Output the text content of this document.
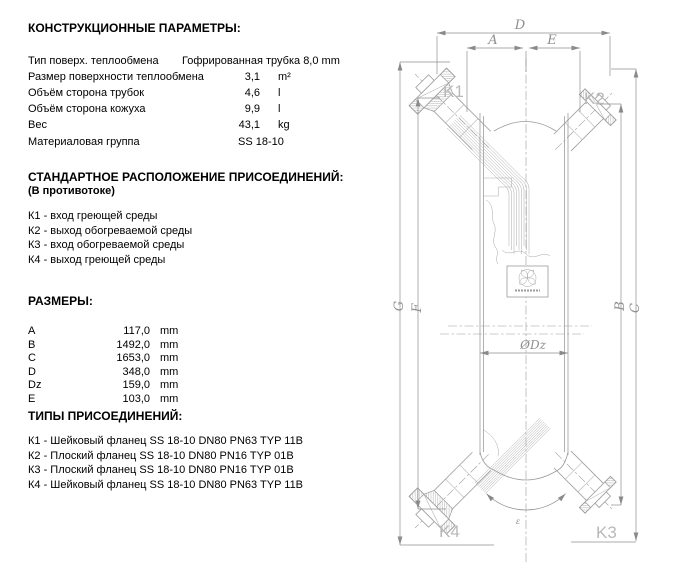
КОНСТРУКЦИОННЫЕ ПАРАМЕТРЫ:
Тип поверх. теплообмена Гофрированная трубка 8,0 mm
Размер поверхности теплообмена	3,1 m²
Объём сторона трубок	4,6 l
Объём сторона кожуха	9,9 l
Вес	43,1 kg
Материаловая группа	SS 18-10
СТАНДАРТНОЕ РАСПОЛОЖЕНИЕ ПРИСОЕДИНЕНИЙ:
(В противотоке)
К1 - вход греющей среды
К2 - выход обогреваемой среды
К3 - вход обогреваемой среды
К4 - выход греющей среды
РАЗМЕРЫ:
A	117,0 mm
B	1492,0 mm
C	1653,0 mm
D	348,0 mm
Dz	159,0 mm
E	103,0 mm
ТИПЫ ПРИСОЕДИНЕНИЙ:
К1 - Шейковый фланец SS 18-10 DN80 PN63 TYP 11B
К2 - Плоский фланец SS 18-10 DN80 PN16 TYP 01B
К3 - Плоский фланец SS 18-10 DN80 PN16 TYP 01B
К4 - Шейковый фланец SS 18-10 DN80 PN63 TYP 11B
D
A	E
G F	B C
ØDz
ε
K1	K2
K3
K4
